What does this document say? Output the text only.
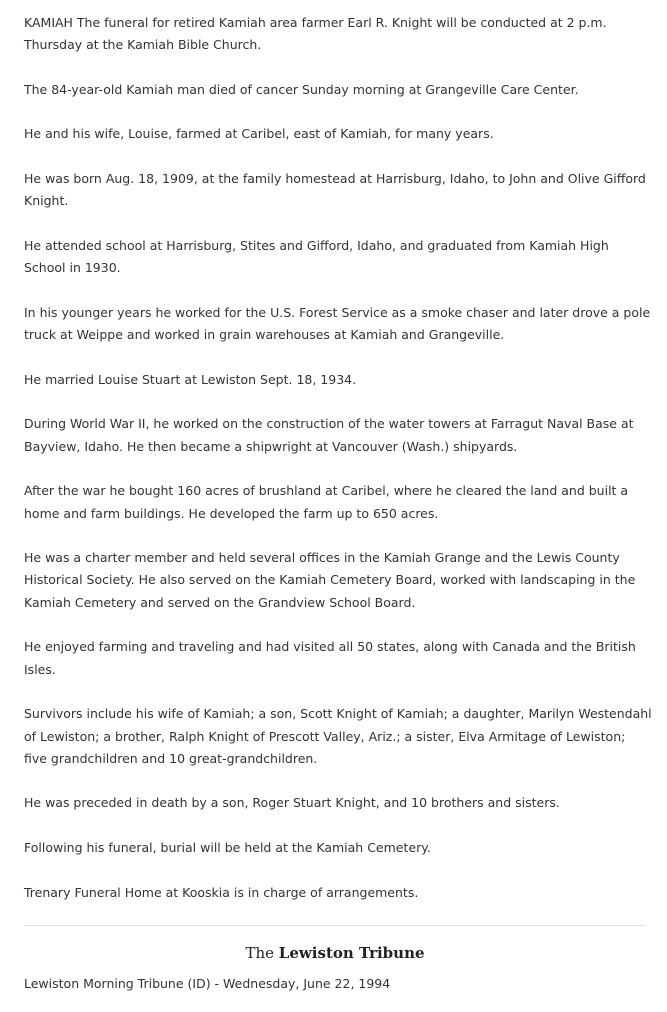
KAMIAH The funeral for retired Kamiah area farmer Earl R. Knight will be conducted at 2 p.m. Thursday at the Kamiah Bible Church.

The 84-year-old Kamiah man died of cancer Sunday morning at Grangeville Care Center.

He and his wife, Louise, farmed at Caribel, east of Kamiah, for many years.

He was born Aug. 18, 1909, at the family homestead at Harrisburg, Idaho, to John and Olive Gifford Knight.

He attended school at Harrisburg, Stites and Gifford, Idaho, and graduated from Kamiah High School in 1930.

In his younger years he worked for the U.S. Forest Service as a smoke chaser and later drove a pole truck at Weippe and worked in grain warehouses at Kamiah and Grangeville.

He married Louise Stuart at Lewiston Sept. 18, 1934.

During World War II, he worked on the construction of the water towers at Farragut Naval Base at Bayview, Idaho. He then became a shipwright at Vancouver (Wash.) shipyards.

After the war he bought 160 acres of brushland at Caribel, where he cleared the land and built a home and farm buildings. He developed the farm up to 650 acres.

He was a charter member and held several offices in the Kamiah Grange and the Lewis County Historical Society. He also served on the Kamiah Cemetery Board, worked with landscaping in the Kamiah Cemetery and served on the Grandview School Board.

He enjoyed farming and traveling and had visited all 50 states, along with Canada and the British Isles.

Survivors include his wife of Kamiah; a son, Scott Knight of Kamiah; a daughter, Marilyn Westendahl of Lewiston; a brother, Ralph Knight of Prescott Valley, Ariz.; a sister, Elva Armitage of Lewiston; five grandchildren and 10 great-grandchildren.

He was preceded in death by a son, Roger Stuart Knight, and 10 brothers and sisters.

Following his funeral, burial will be held at the Kamiah Cemetery.

Trenary Funeral Home at Kooskia is in charge of arrangements.

The Lewiston Tribune
Lewiston Morning Tribune (ID) - Wednesday, June 22, 1994
